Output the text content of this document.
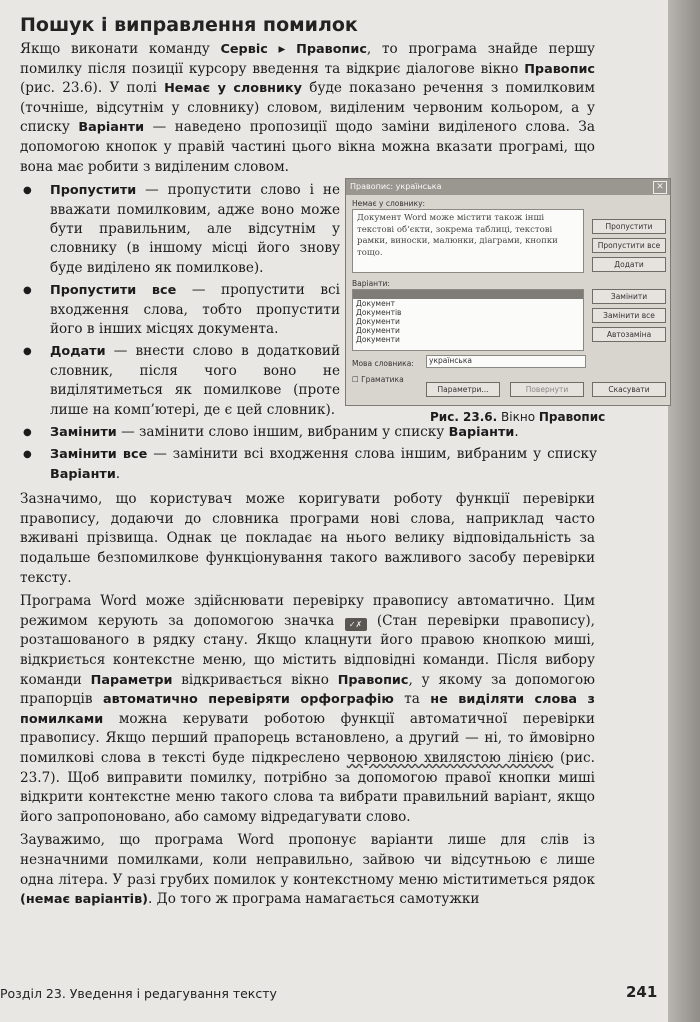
Пошук і виправлення помилок

Якщо виконати команду Сервіс ▸ Правопис, то програма знайде першу помилку після позиції курсору введення та відкриє діалогове вікно Правопис (рис. 23.6). У полі Немає у словнику буде показано речення з помилковим (точніше, відсутнім у словнику) словом, виділеним червоним кольором, а у списку Варіанти — наведено пропозиції щодо заміни виділеного слова. За допомогою кнопок у правій частині цього вікна можна вказати програмі, що вона має робити з виділеним словом.

● Пропустити — пропустити слово і не вважати помилковим, адже воно може бути правильним, але відсутнім у словнику (в іншому місці його знову буде виділено як помилкове).
● Пропустити все — пропустити всі входження слова, тобто пропустити його в інших місцях документа.
● Додати — внести слово в додатковий словник, після чого воно не виділятиметься як помилкове (проте лише на комп’ютері, де є цей словник).
● Замінити — замінити слово іншим, вибраним у списку Варіанти.
● Замінити все — замінити всі входження слова іншим, вибраним у списку Варіанти.

Зазначимо, що користувач може коригувати роботу функції перевірки правопису, додаючи до словника програми нові слова, наприклад часто вживані прізвища. Однак це покладає на нього велику відповідальність за подальше безпомилкове функціонування такого важливого засобу перевірки тексту.

Програма Word може здійснювати перевірку правопису автоматично. Цим режимом керують за допомогою значка ✓✗ (Стан перевірки правопису), розташованого в рядку стану. Якщо клацнути його правою кнопкою миші, відкриється контекстне меню, що містить відповідні команди. Після вибору команди Параметри відкривається вікно Правопис, у якому за допомогою прапорців автоматично перевіряти орфографію та не виділяти слова з помилками можна керувати роботою функції автоматичної перевірки правопису. Якщо перший прапорець встановлено, а другий — ні, то ймовірно помилкові слова в тексті буде підкреслено червоною хвилястою лінією (рис. 23.7). Щоб виправити помилку, потрібно за допомогою правої кнопки миші відкрити контекстне меню такого слова та вибрати правильний варіант, якщо його запропоновано, або самому відредагувати слово.

Зауважимо, що програма Word пропонує варіанти лише для слів із незначними помилками, коли неправильно, зайвою чи відсутньою є лише одна літера. У разі грубих помилок у контекстному меню міститиметься рядок (немає варіантів). До того ж програма намагається самотужки

Правопис: українська	✕
Немає у словнику:
Документ Word може містити також інші текстові об’єкти, зокрема таблиці, текстові рамки, виноски, малюнки, діаграми, кнопки тощо.
Варіанти:
Документ
Документів
Документи
Документи
Документи
Мова словника:	українська
☐ Граматика
Пропустити
Пропустити все
Додати
Замінити
Замінити все
Автозаміна
Параметри...	Повернути	Скасувати
Рис. 23.6. Вікно Правопис
Розділ 23. Уведення і редагування тексту	241
